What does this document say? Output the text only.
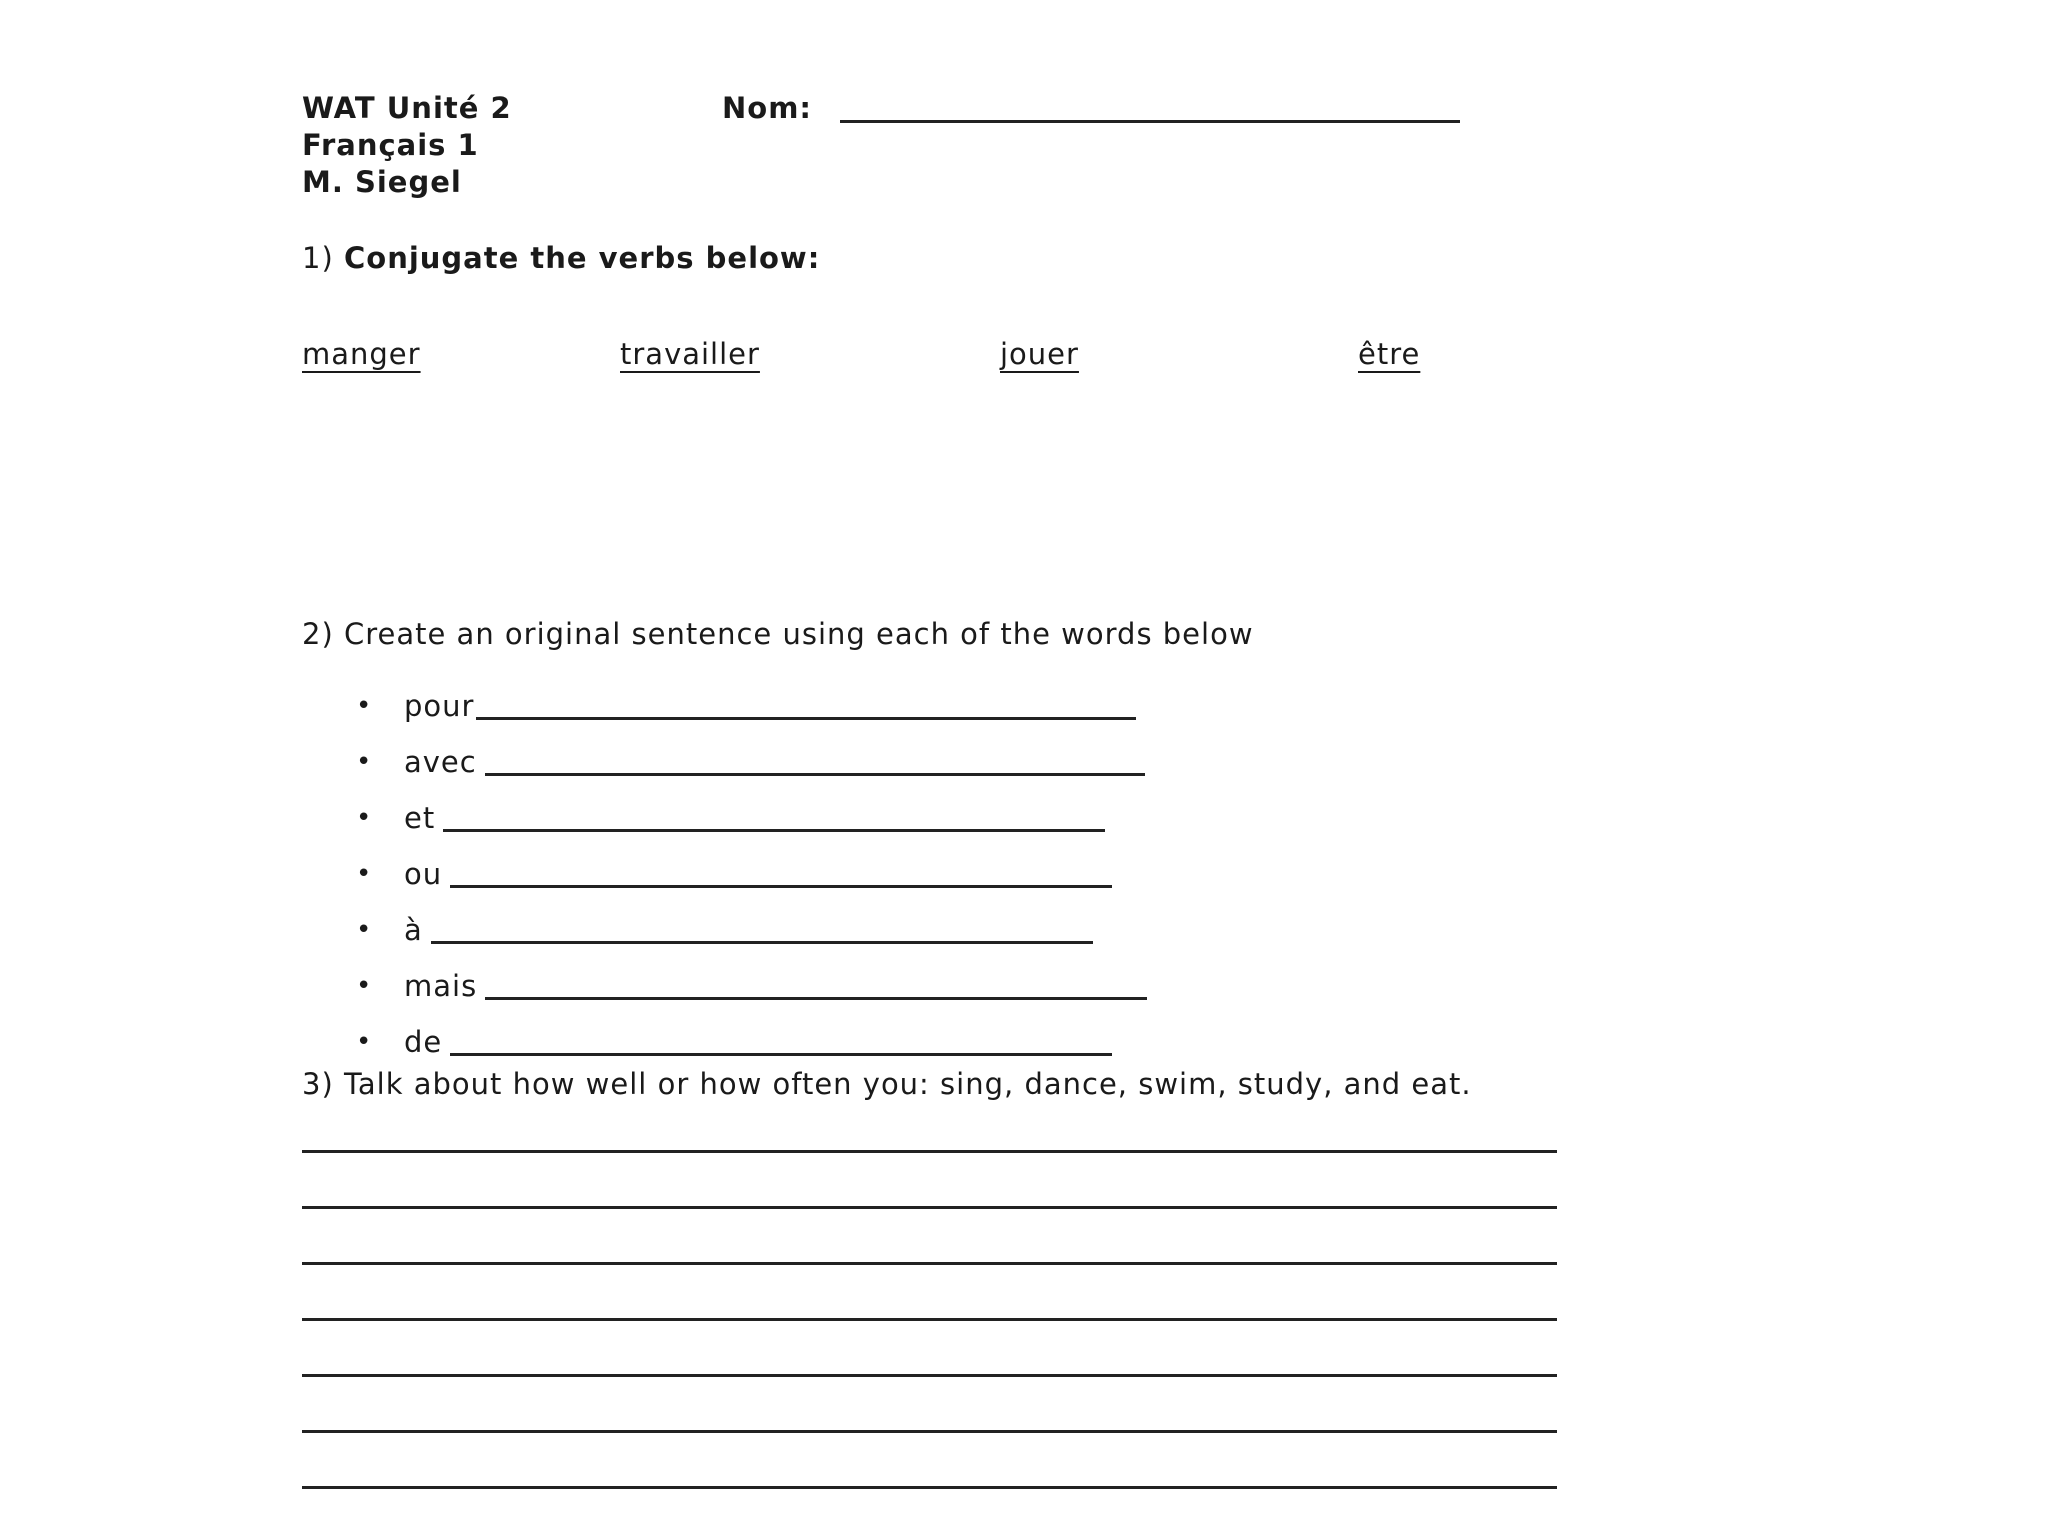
WAT Unité 2
Français 1
M. Siegel
Nom:
1) Conjugate the verbs below:
manger	travailler	jouer	être
2) Create an original sentence using each of the words below
•	pour
•	avec
•	et
•	ou
•	à
•	mais
•	de
3) Talk about how well or how often you: sing, dance, swim, study, and eat.
